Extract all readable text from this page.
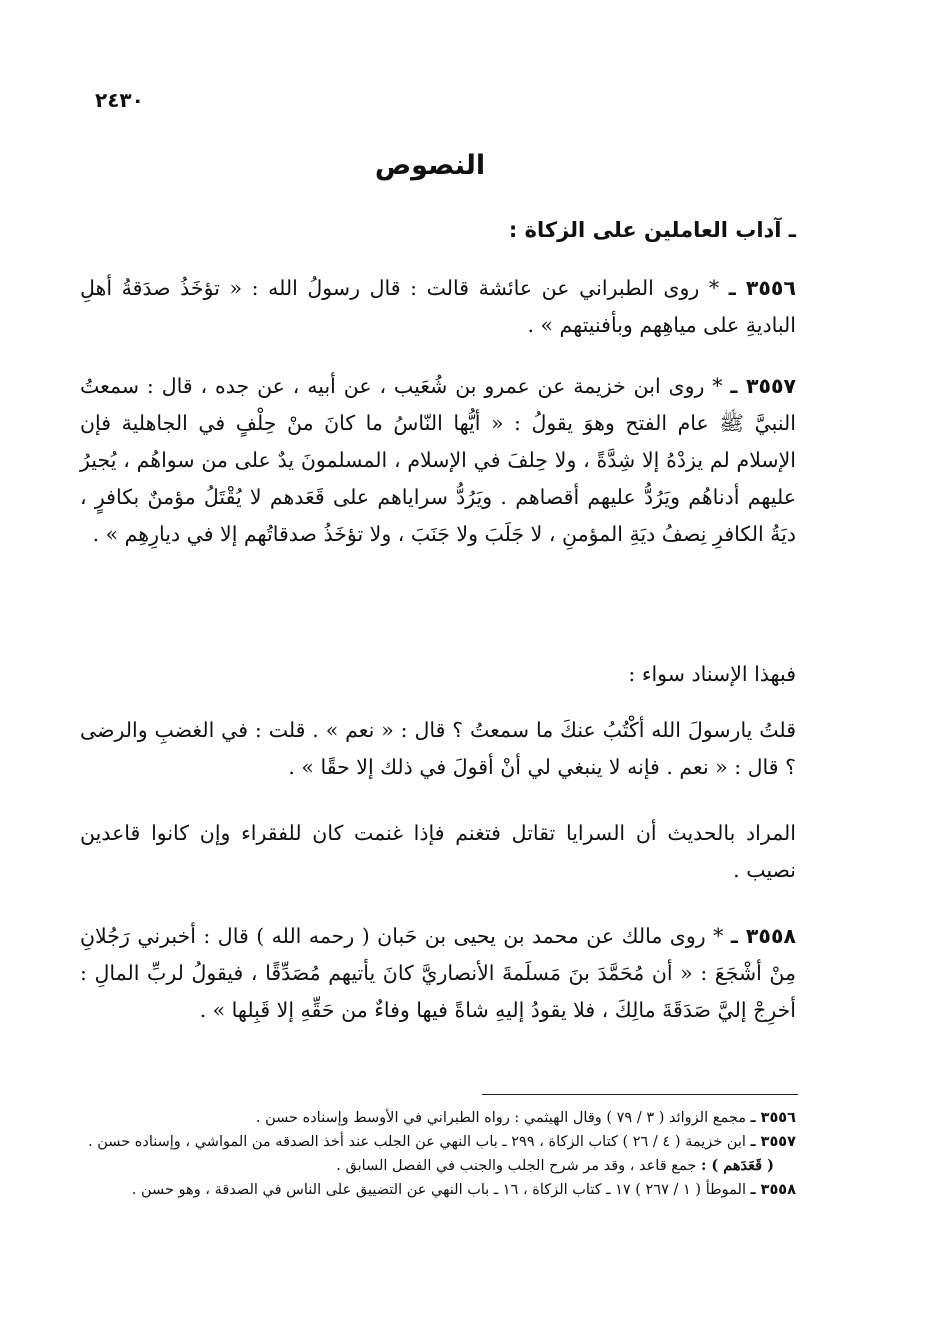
٢٤٣٠
النصوص
ـ آداب العاملين على الزكاة :
٣٥٥٦ ـ * روى الطبراني عن عائشة قالت : قال رسولُ الله : « تؤخَذُ صدَقةُ أهلِ الباديةِ على مياهِهم وبأفنيتهم » .
٣٥٥٧ ـ * روى ابن خزيمة عن عمرو بن شُعَيب ، عن أبيه ، عن جده ، قال : سمعتُ النبيَّ ﷺ عام الفتح وهوَ يقولُ : « أيُّها النّاسُ ما كانَ منْ حِلْفٍ في الجاهلية فإن الإسلام لم يزدْهُ إلا شِدَّةً ، ولا حِلفَ في الإسلام ، المسلمونَ يدٌ على من سواهُم ، يُجيرُ عليهم أدناهُم ويَرُدُّ عليهم أقصاهم . ويَرُدُّ سراياهم على قَعَدهم لا يُقْتَلُ مؤمنٌ بكافرٍ ، ديَةُ الكافرِ نِصفُ ديَةِ المؤمنِ ، لا جَلَبَ ولا جَنَبَ ، ولا تؤخَذُ صدقاتُهم إلا في ديارِهِم » .
فبهذا الإسناد سواء :
قلتُ يارسولَ الله أكْتُبُ عنكَ ما سمعتُ ؟ قال : « نعم » . قلت : في الغضبِ والرضى ؟ قال : « نعم . فإنه لا ينبغي لي أنْ أقولَ في ذلك إلا حقًا » .
المراد بالحديث أن السرايا تقاتل فتغنم فإذا غنمت كان للفقراء وإن كانوا قاعدين نصيب .
٣٥٥٨ ـ * روى مالك عن محمد بن يحيى بن حَبان ( رحمه الله ) قال : أخبرني رَجُلانِ مِنْ أشْجَعَ : « أن مُحَمَّدَ بنَ مَسلَمةَ الأنصاريَّ كانَ يأتيهم مُصَدِّقًا ، فيقولُ لربِّ المالِ : أخرِجْ إليَّ صَدَقَةَ مالِكَ ، فلا يقودُ إليهِ شاةً فيها وفاءٌ من حَقِّهِ إلا قَبِلها » .

٣٥٥٦ ـ مجمع الزوائد ( ٣ / ٧٩ ) وقال الهيثمي : رواه الطبراني في الأوسط وإسناده حسن .

٣٥٥٧ ـ ابن خزيمة ( ٤ / ٢٦ ) كتاب الزكاة ، ٢٩٩ ـ باب النهي عن الجلب عند أخذ الصدقه من المواشي ، وإسناده حسن .

( قَعَدَهم ) : جمع قاعد ، وقد مر شرح الجلب والجنب في الفصل السابق .

٣٥٥٨ ـ الموطأ ( ١ / ٢٦٧ ) ١٧ ـ كتاب الزكاة ، ١٦ ـ باب النهي عن التضييق على الناس في الصدقة ، وهو حسن .
